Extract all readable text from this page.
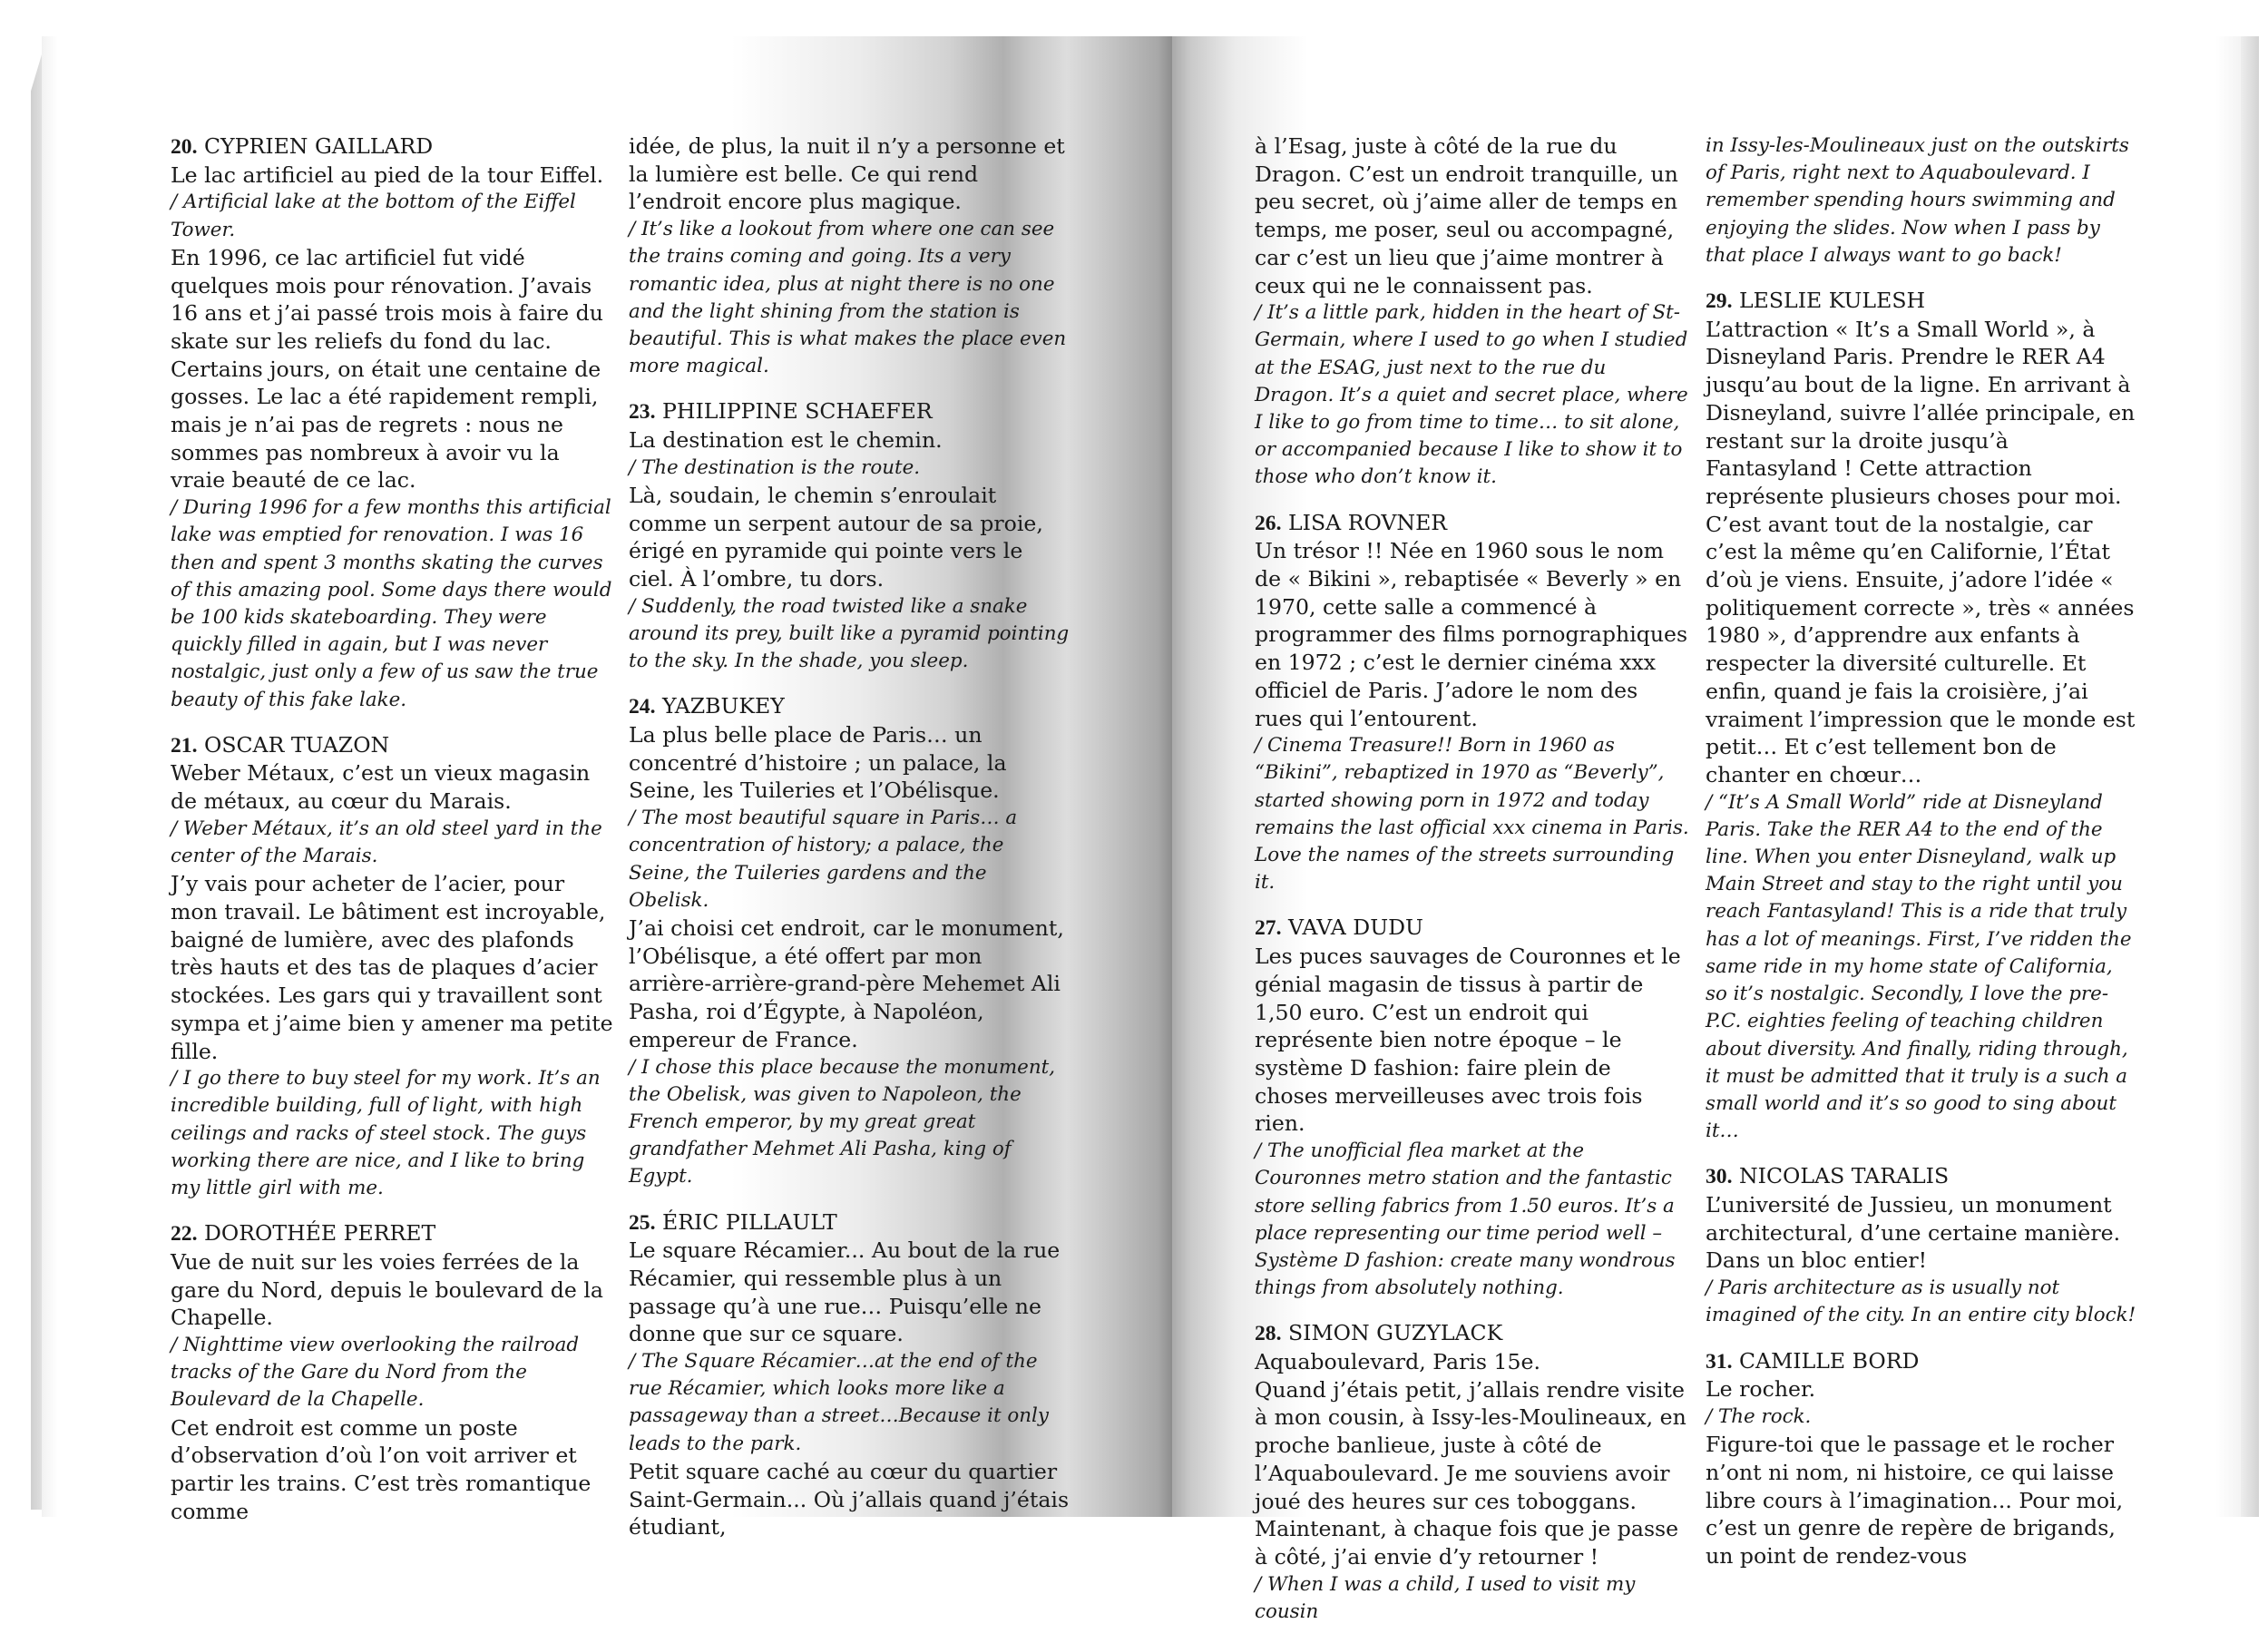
20. CYPRIEN GAILLARD
Le lac artificiel au pied de la tour Eiffel.
/ Artificial lake at the bottom of the Eiffel Tower.
En 1996, ce lac artificiel fut vidé quelques mois pour rénovation. J’avais 16 ans et j’ai passé trois mois à faire du skate sur les reliefs du fond du lac. Certains jours, on était une centaine de gosses. Le lac a été rapidement rempli, mais je n’ai pas de regrets : nous ne sommes pas nombreux à avoir vu la vraie beauté de ce lac.
/ During 1996 for a few months this artificial lake was emptied for renovation. I was 16 then and spent 3 months skating the curves of this amazing pool. Some days there would be 100 kids skateboarding. They were quickly filled in again, but I was never nostalgic, just only a few of us saw the true beauty of this fake lake.
21. OSCAR TUAZON
Weber Métaux, c’est un vieux magasin de métaux, au cœur du Marais.
/ Weber Métaux, it’s an old steel yard in the center of the Marais.
J’y vais pour acheter de l’acier, pour mon travail. Le bâtiment est incroyable, baigné de lumière, avec des plafonds très hauts et des tas de plaques d’acier stockées. Les gars qui y travaillent sont sympa et j’aime bien y amener ma petite fille.
/ I go there to buy steel for my work. It’s an incredible building, full of light, with high ceilings and racks of steel stock. The guys working there are nice, and I like to bring my little girl with me.
22. DOROTHÉE PERRET
Vue de nuit sur les voies ferrées de la gare du Nord, depuis le boulevard de la Chapelle.
/ Nighttime view overlooking the railroad tracks of the Gare du Nord from the Boulevard de la Chapelle.
Cet endroit est comme un poste d’observation d’où l’on voit arriver et partir les trains. C’est très romantique comme
idée, de plus, la nuit il n’y a personne et la lumière est belle. Ce qui rend l’endroit encore plus magique.
/ It’s like a lookout from where one can see the trains coming and going. Its a very romantic idea, plus at night there is no one and the light shining from the station is beautiful. This is what makes the place even more magical.
23. PHILIPPINE SCHAEFER
La destination est le chemin.
/ The destination is the route.
Là, soudain, le chemin s’enroulait comme un serpent autour de sa proie, érigé en pyramide qui pointe vers le ciel. À l’ombre, tu dors.
/ Suddenly, the road twisted like a snake around its prey, built like a pyramid pointing to the sky. In the shade, you sleep.
24. YAZBUKEY
La plus belle place de Paris… un concentré d’histoire ; un palace, la Seine, les Tuileries et l’Obélisque.
/ The most beautiful square in Paris… a concentration of history; a palace, the Seine, the Tuileries gardens and the Obelisk.
J’ai choisi cet endroit, car le monument, l’Obélisque, a été offert par mon arrière-arrière-grand-père Mehemet Ali Pasha, roi d’Égypte, à Napoléon, empereur de France.
/ I chose this place because the monument, the Obelisk, was given to Napoleon, the French emperor, by my great great grandfather Mehmet Ali Pasha, king of Egypt.
25. ÉRIC PILLAULT
Le square Récamier... Au bout de la rue Récamier, qui ressemble plus à un passage qu’à une rue… Puisqu’elle ne donne que sur ce square.
/ The Square Récamier…at the end of the rue Récamier, which looks more like a passageway than a street…Because it only leads to the park.
Petit square caché au cœur du quartier Saint-Germain... Où j’allais quand j’étais étudiant,
à l’Esag, juste à côté de la rue du Dragon. C’est un endroit tranquille, un peu secret, où j’aime aller de temps en temps, me poser, seul ou accompagné, car c’est un lieu que j’aime montrer à ceux qui ne le connaissent pas.
/ It’s a little park, hidden in the heart of St-Germain, where I used to go when I studied at the ESAG, just next to the rue du Dragon. It’s a quiet and secret place, where I like to go from time to time… to sit alone, or accompanied because I like to show it to those who don’t know it.
26. LISA ROVNER
Un trésor !! Née en 1960 sous le nom de « Bikini », rebaptisée « Beverly » en 1970, cette salle a commencé à programmer des films pornographiques en 1972 ; c’est le dernier cinéma xxx officiel de Paris. J’adore le nom des rues qui l’entourent.
/ Cinema Treasure!! Born in 1960 as “Bikini”, rebaptized in 1970 as “Beverly”, started showing porn in 1972 and today remains the last official xxx cinema in Paris. Love the names of the streets surrounding it.
27. VAVA DUDU
Les puces sauvages de Couronnes et le génial magasin de tissus à partir de 1,50 euro. C’est un endroit qui représente bien notre époque – le système D fashion: faire plein de choses merveilleuses avec trois fois rien.
/ The unofficial flea market at the Couronnes metro station and the fantastic store selling fabrics from 1.50 euros. It’s a place representing our time period well – Système D fashion: create many wondrous things from absolutely nothing.
28. SIMON GUZYLACK
Aquaboulevard, Paris 15e.
Quand j’étais petit, j’allais rendre visite à mon cousin, à Issy-les-Moulineaux, en proche banlieue, juste à côté de l’Aquaboulevard. Je me souviens avoir joué des heures sur ces toboggans. Maintenant, à chaque fois que je passe à côté, j’ai envie d’y retourner !
/ When I was a child, I used to visit my cousin
in Issy-les-Moulineaux just on the outskirts of Paris, right next to Aquaboulevard. I remember spending hours swimming and enjoying the slides. Now when I pass by that place I always want to go back!
29. LESLIE KULESH
L’attraction « It’s a Small World », à Disneyland Paris. Prendre le RER A4 jusqu’au bout de la ligne. En arrivant à Disneyland, suivre l’allée principale, en restant sur la droite jusqu’à Fantasyland ! Cette attraction représente plusieurs choses pour moi. C’est avant tout de la nostalgie, car c’est la même qu’en Californie, l’État d’où je viens. Ensuite, j’adore l’idée « politiquement correcte », très « années 1980 », d’apprendre aux enfants à respecter la diversité culturelle. Et enfin, quand je fais la croisière, j’ai vraiment l’impression que le monde est petit… Et c’est tellement bon de chanter en chœur…
/ “It’s A Small World” ride at Disneyland Paris. Take the RER A4 to the end of the line. When you enter Disneyland, walk up Main Street and stay to the right until you reach Fantasyland! This is a ride that truly has a lot of meanings. First, I’ve ridden the same ride in my home state of California, so it’s nostalgic. Secondly, I love the pre-P.C. eighties feeling of teaching children about diversity. And finally, riding through, it must be admitted that it truly is a such a small world and it’s so good to sing about it…
30. NICOLAS TARALIS
L’université de Jussieu, un monument architectural, d’une certaine manière. Dans un bloc entier!
/ Paris architecture as is usually not imagined of the city. In an entire city block!
31. CAMILLE BORD
Le rocher.
/ The rock.
Figure-toi que le passage et le rocher n’ont ni nom, ni histoire, ce qui laisse libre cours à l’imagination... Pour moi, c’est un genre de repère de brigands, un point de rendez-vous
